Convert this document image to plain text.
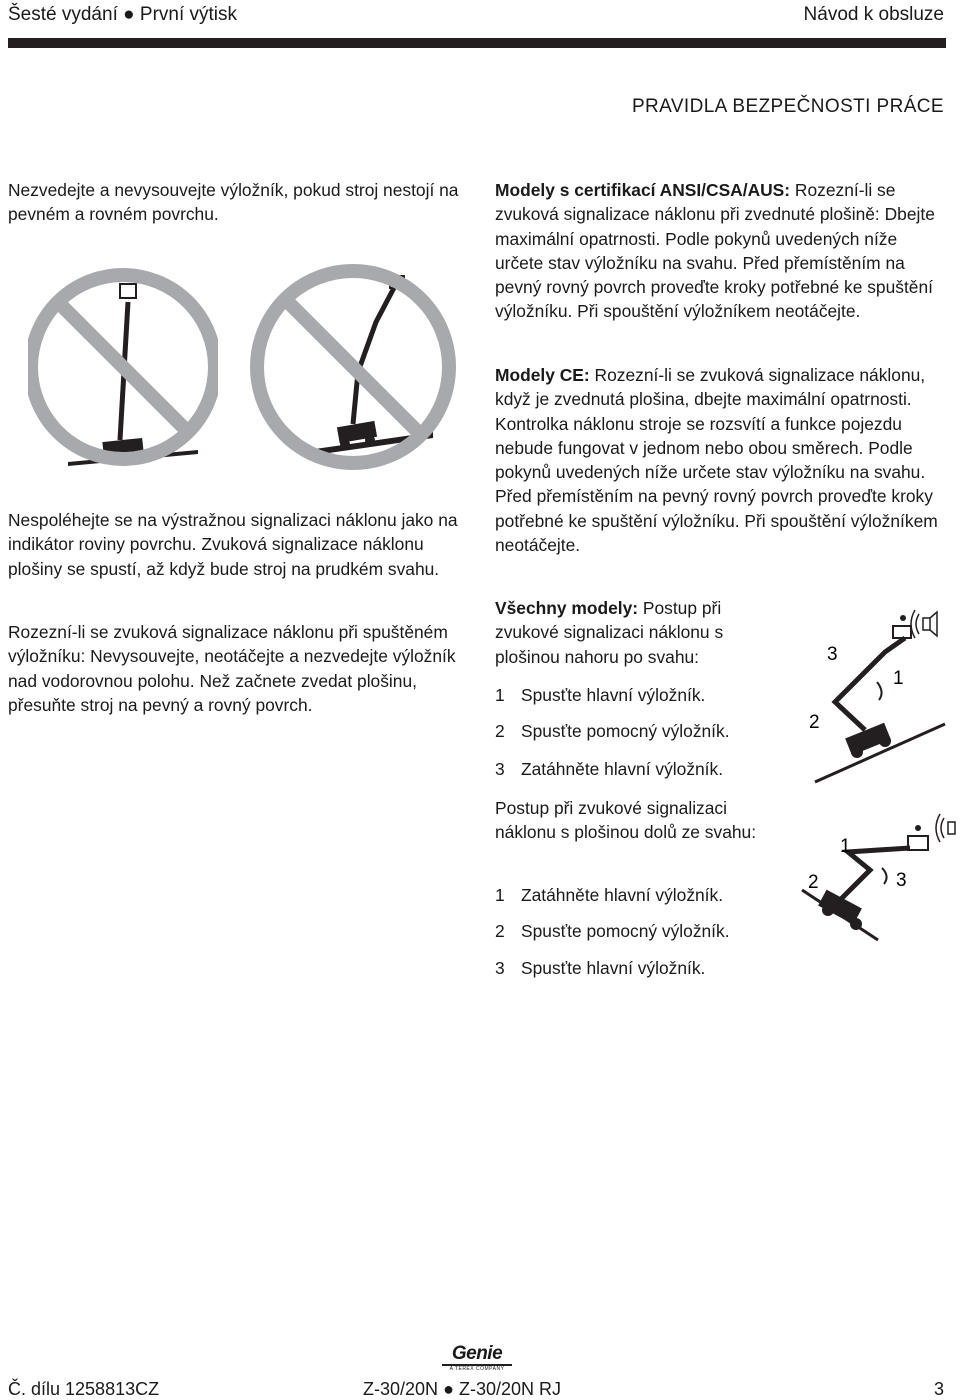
Šesté vydání ● První výtisk	Návod k obsluze
PRAVIDLA BEZPEČNOSTI PRÁCE
Nezvedejte a nevysouvejte výložník, pokud stroj nestojí na pevném a rovném povrchu.
Nespoléhejte se na výstražnou signalizaci náklonu jako na indikátor roviny povrchu. Zvuková signalizace náklonu plošiny se spustí, až když bude stroj na prudkém svahu.
Rozezní-li se zvuková signalizace náklonu při spuštěném výložníku: Nevysouvejte, neotáčejte a nezvedejte výložník nad vodorovnou polohu. Než začnete zvedat plošinu, přesuňte stroj na pevný a rovný povrch.
Modely s certifikací ANSI/CSA/AUS: Rozezní-li se zvuková signalizace náklonu při zvednuté plošině: Dbejte maximální opatrnosti. Podle pokynů uvedených níže určete stav výložníku na svahu. Před přemístěním na pevný rovný povrch proveďte kroky potřebné ke spuštění výložníku. Při spouštění výložníkem neotáčejte.
Modely CE: Rozezní-li se zvuková signalizace náklonu, když je zvednutá plošina, dbejte maximální opatrnosti. Kontrolka náklonu stroje se rozsvítí a funkce pojezdu nebude fungovat v jednom nebo obou směrech. Podle pokynů uvedených níže určete stav výložníku na svahu. Před přemístěním na pevný rovný povrch proveďte kroky potřebné ke spuštění výložníku. Při spouštění výložníkem neotáčejte.
Všechny modely: Postup při zvukové signalizaci náklonu s plošinou nahoru po svahu:
1 Spusťte hlavní výložník.
2 Spusťte pomocný výložník.
3 Zatáhněte hlavní výložník.
3
1
2
Postup při zvukové signalizaci náklonu s plošinou dolů ze svahu:
1 Zatáhněte hlavní výložník.
2 Spusťte pomocný výložník.
3 Spusťte hlavní výložník.
1
2	3
Genie
A TEREX COMPANY
Č. dílu 1258813CZ	Z-30/20N ● Z-30/20N RJ	3
